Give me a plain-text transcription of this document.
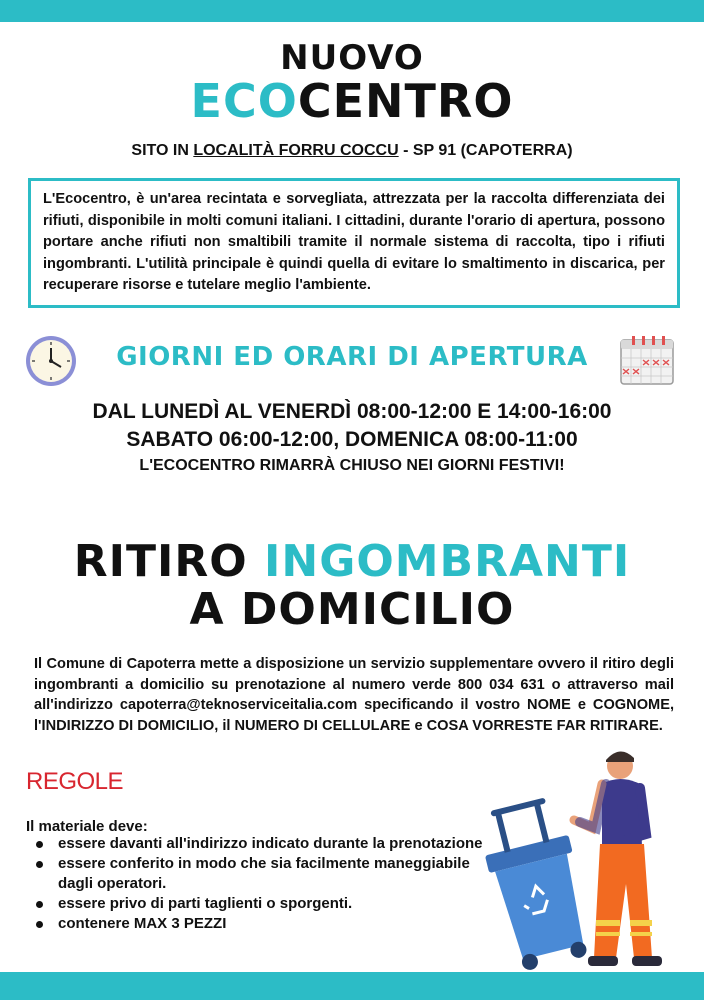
NUOVO
ECOCENTRO
SITO IN LOCALITÀ FORRU COCCU - SP 91 (CAPOTERRA)
L'Ecocentro, è un'area recintata e sorvegliata, attrezzata per la raccolta differenziata dei rifiuti, disponibile in molti comuni italiani. I cittadini, durante l'orario di apertura, possono portare anche rifiuti non smaltibili tramite il normale sistema di raccolta, tipo i rifiuti ingombranti. L'utilità principale è quindi quella di evitare lo smaltimento in discarica, per recuperare risorse e tutelare meglio l'ambiente.
GIORNI ED ORARI DI APERTURA
DAL LUNEDÌ AL VENERDÌ 08:00-12:00 E 14:00-16:00
SABATO 06:00-12:00, DOMENICA 08:00-11:00
L'ECOCENTRO RIMARRÀ CHIUSO NEI GIORNI FESTIVI!
RITIRO INGOMBRANTI
A DOMICILIO
Il Comune di Capoterra mette a disposizione un servizio supplementare ovvero il ritiro degli ingombranti a domicilio su prenotazione al numero verde 800 034 631 o attraverso mail all'indirizzo capoterra@teknoserviceitalia.com specificando il vostro NOME e COGNOME, l'INDIRIZZO DI DOMICILIO, il NUMERO DI CELLULARE e COSA VORRESTE FAR RITIRARE.
REGOLE
Il materiale deve:
essere davanti all'indirizzo indicato durante la prenotazione
essere conferito in modo che sia facilmente maneggiabile dagli operatori.
essere privo di parti taglienti o sporgenti.
contenere MAX 3 PEZZI
